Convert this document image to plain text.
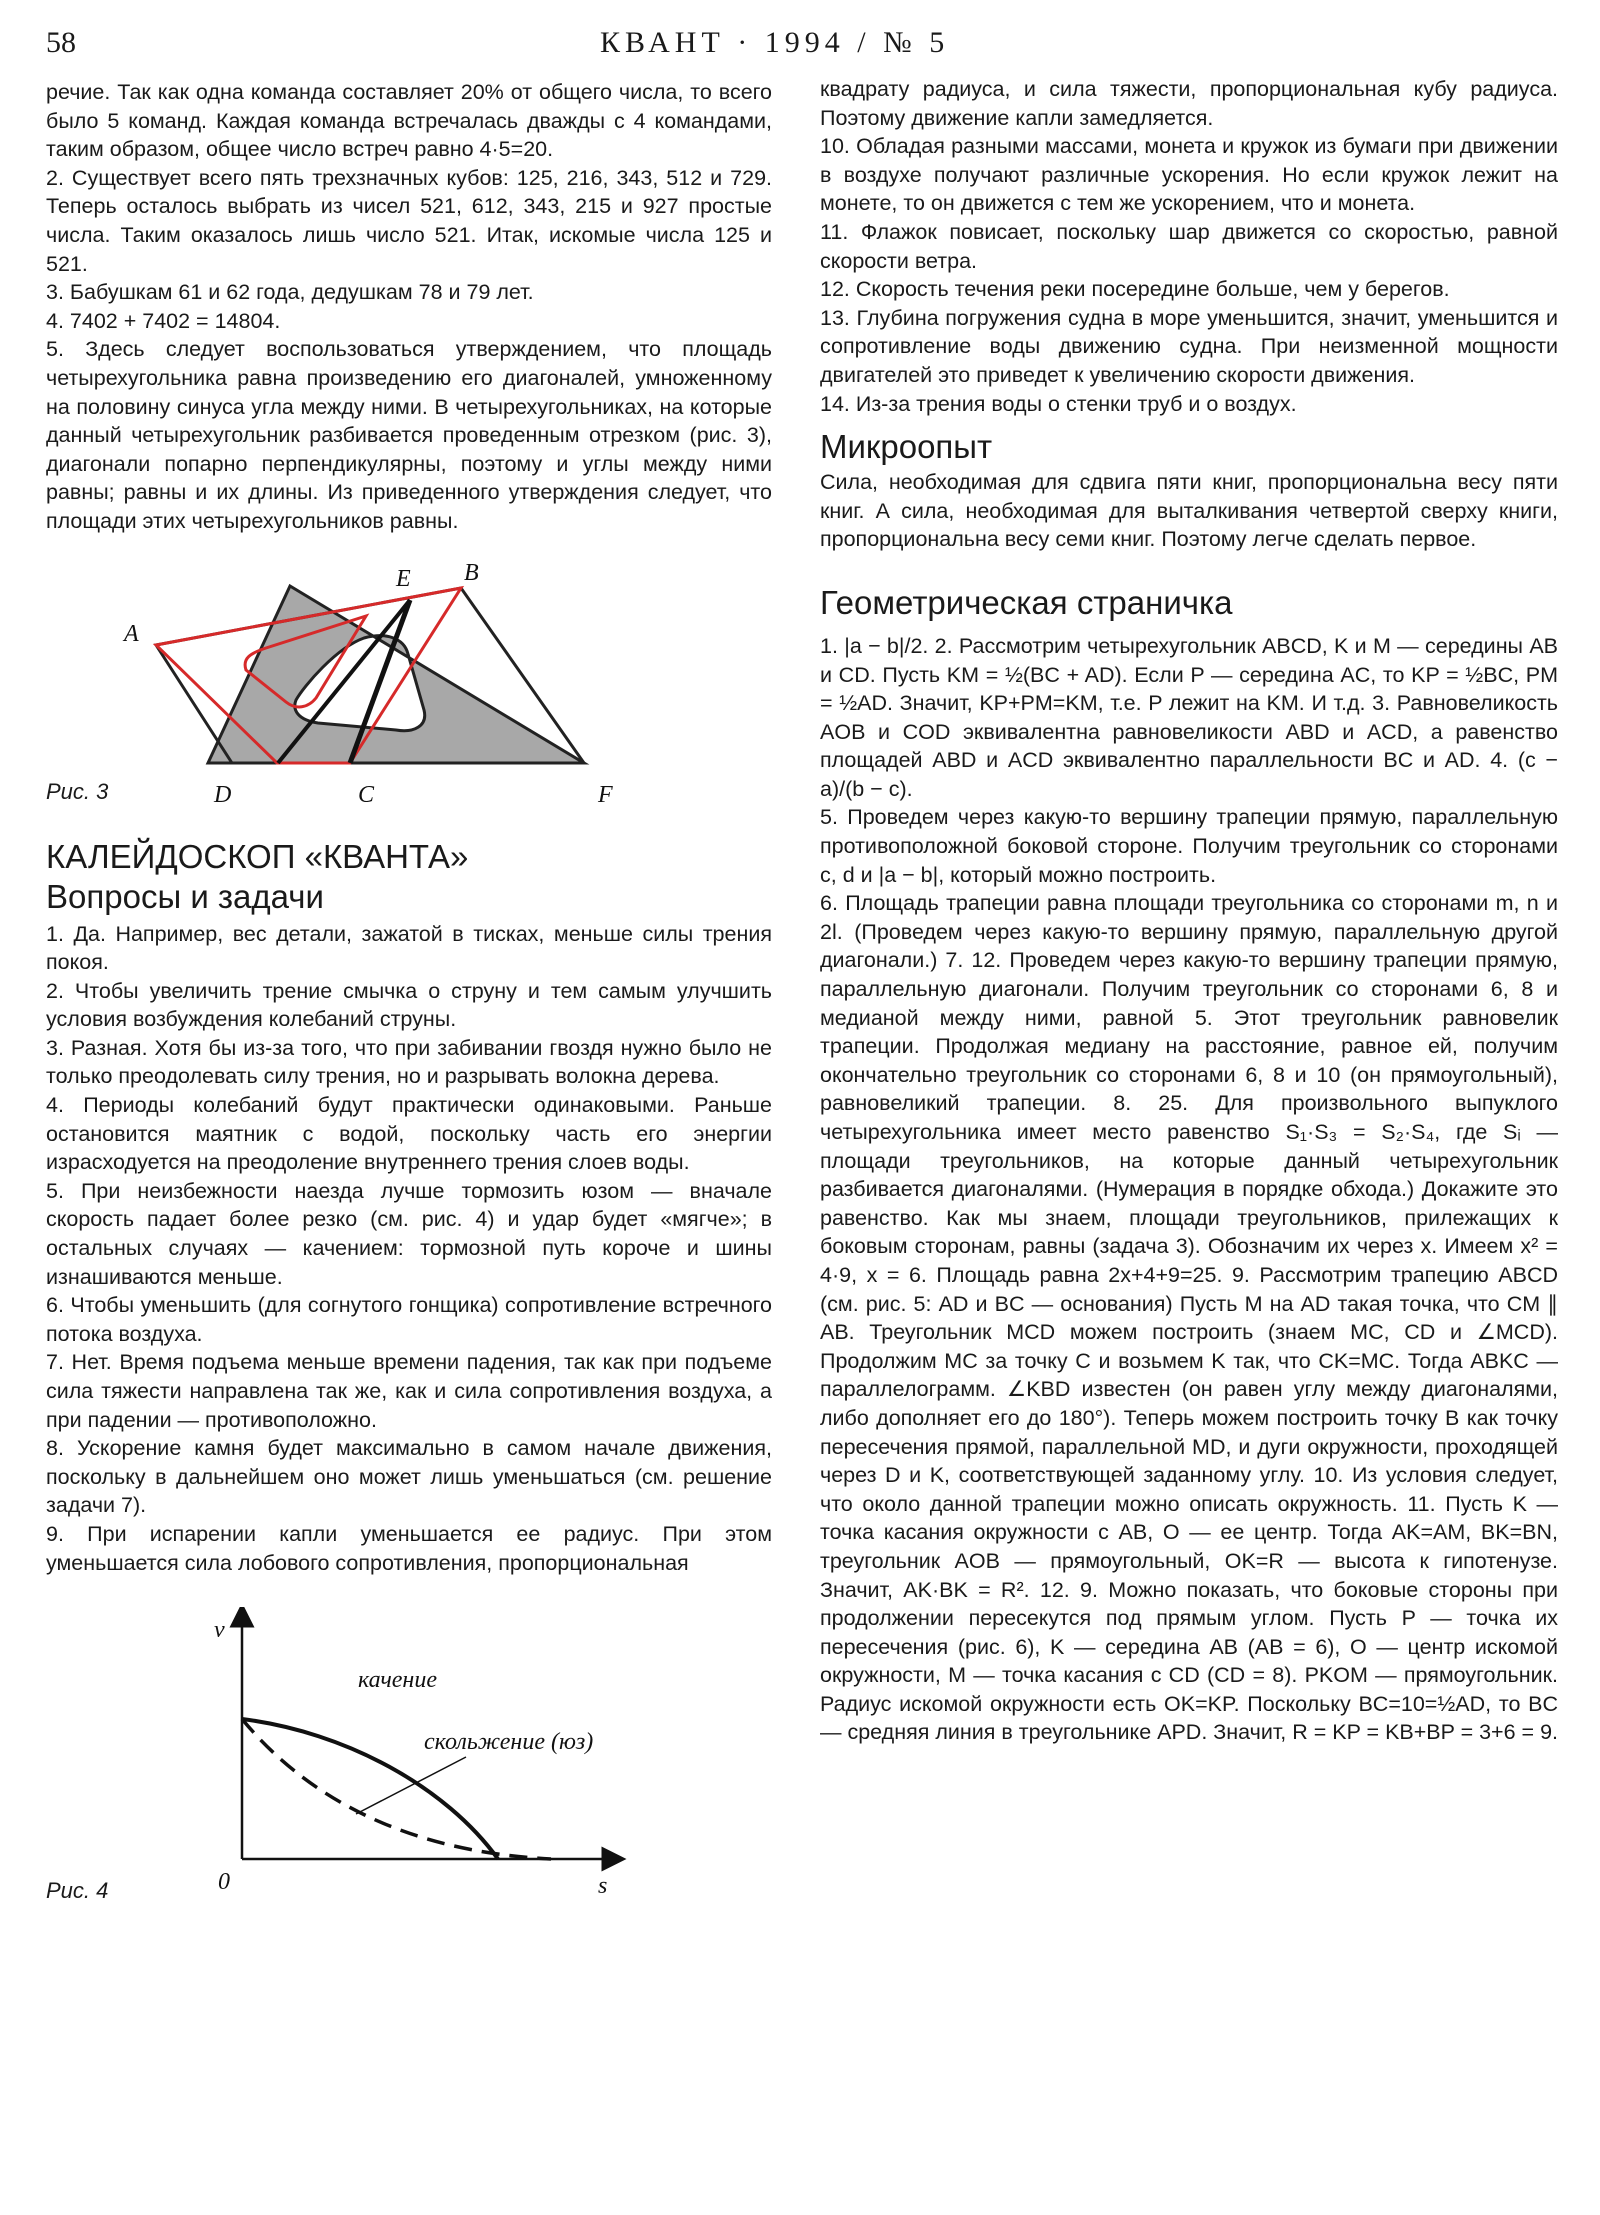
58	КВАНТ · 1994 / № 5

речие. Так как одна команда составляет 20% от общего числа, то всего было 5 команд. Каждая команда встречалась дважды с 4 командами, таким образом, общее число встреч равно 4·5=20.

2. Существует всего пять трехзначных кубов: 125, 216, 343, 512 и 729. Теперь осталось выбрать из чисел 521, 612, 343, 215 и 927 простые числа. Таким оказалось лишь число 521. Итак, искомые числа 125 и 521.

3. Бабушкам 61 и 62 года, дедушкам 78 и 79 лет.

4. 7402 + 7402 = 14804.

5. Здесь следует воспользоваться утверждением, что площадь четырехугольника равна произведению его диагоналей, умноженному на половину синуса угла между ними. В четырехугольниках, на которые данный четырехугольник разбивается проведенным отрезком (рис. 3), диагонали попарно перпендикулярны, поэтому и углы между ними равны; равны и их длины. Из приведенного утверждения следует, что площади этих четырехугольников равны.

A
B
E
D	C	F
Рис. 3
КАЛЕЙДОСКОП «КВАНТА»
Вопросы и задачи

1. Да. Например, вес детали, зажатой в тисках, меньше силы трения покоя.

2. Чтобы увеличить трение смычка о струну и тем самым улучшить условия возбуждения колебаний струны.

3. Разная. Хотя бы из-за того, что при забивании гвоздя нужно было не только преодолевать силу трения, но и разрывать волокна дерева.

4. Периоды колебаний будут практически одинаковыми. Раньше остановится маятник с водой, поскольку часть его энергии израсходуется на преодоление внутреннего трения слоев воды.

5. При неизбежности наезда лучше тормозить юзом — вначале скорость падает более резко (см. рис. 4) и удар будет «мягче»; в остальных случаях — качением: тормозной путь короче и шины изнашиваются меньше.

6. Чтобы уменьшить (для согнутого гонщика) сопротивление встречного потока воздуха.

7. Нет. Время подъема меньше времени падения, так как при подъеме сила тяжести направлена так же, как и сила сопротивления воздуха, а при падении — противоположно.

8. Ускорение камня будет максимально в самом начале движения, поскольку в дальнейшем оно может лишь уменьшаться (см. решение задачи 7).

9. При испарении капли уменьшается ее радиус. При этом уменьшается сила лобового сопротивления, пропорциональная

v
s
0
качение
скольжение (юз)
Рис. 4

квадрату радиуса, и сила тяжести, пропорциональная кубу радиуса. Поэтому движение капли замедляется.

10. Обладая разными массами, монета и кружок из бумаги при движении в воздухе получают различные ускорения. Но если кружок лежит на монете, то он движется с тем же ускорением, что и монета.

11. Флажок повисает, поскольку шар движется со скоростью, равной скорости ветра.

12. Скорость течения реки посередине больше, чем у берегов.

13. Глубина погружения судна в море уменьшится, значит, уменьшится и сопротивление воды движению судна. При неизменной мощности двигателей это приведет к увеличению скорости движения.

14. Из-за трения воды о стенки труб и о воздух.

Микроопыт

Сила, необходимая для сдвига пяти книг, пропорциональна весу пяти книг. А сила, необходимая для выталкивания четвертой сверху книги, пропорциональна весу семи книг. Поэтому легче сделать первое.

Геометрическая страничка

1. |a − b|/2. 2. Рассмотрим четырехугольник ABCD, K и M — середины AB и CD. Пусть KM = ½(BC + AD). Если P — середина AC, то KP = ½BC, PM = ½AD. Значит, KP+PM=KM, т.е. P лежит на KM. И т.д. 3. Равновеликость AOB и COD эквивалентна равновеликости ABD и ACD, а равенство площадей ABD и ACD эквивалентно параллельности BC и AD. 4. (c − a)/(b − c).

5. Проведем через какую-то вершину трапеции прямую, параллельную противоположной боковой стороне. Получим треугольник со сторонами c, d и |a − b|, который можно построить.

6. Площадь трапеции равна площади треугольника со сторонами m, n и 2l. (Проведем через какую-то вершину прямую, параллельную другой диагонали.) 7. 12. Проведем через какую-то вершину трапеции прямую, параллельную диагонали. Получим треугольник со сторонами 6, 8 и медианой между ними, равной 5. Этот треугольник равновелик трапеции. Продолжая медиану на расстояние, равное ей, получим окончательно треугольник со сторонами 6, 8 и 10 (он прямоугольный), равновеликий трапеции. 8. 25. Для произвольного выпуклого четырехугольника имеет место равенство S₁·S₃ = S₂·S₄, где Sᵢ — площади треугольников, на которые данный четырехугольник разбивается диагоналями. (Нумерация в порядке обхода.) Докажите это равенство. Как мы знаем, площади треугольников, прилежащих к боковым сторонам, равны (задача 3). Обозначим их через x. Имеем x² = 4·9, x = 6. Площадь равна 2x+4+9=25. 9. Рассмотрим трапецию ABCD (см. рис. 5: AD и BC — основания) Пусть M на AD такая точка, что CM ∥ AB. Треугольник MCD можем построить (знаем MC, CD и ∠MCD). Продолжим MC за точку C и возьмем K так, что CK=MC. Тогда ABKC — параллелограмм. ∠KBD известен (он равен углу между диагоналями, либо дополняет его до 180°). Теперь можем построить точку B как точку пересечения прямой, параллельной MD, и дуги окружности, проходящей через D и K, соответствующей заданному углу. 10. Из условия следует, что около данной трапеции можно описать окружность. 11. Пусть K — точка касания окружности с AB, O — ее центр. Тогда AK=AM, BK=BN, треугольник AOB — прямоугольный, OK=R — высота к гипотенузе. Значит, AK·BK = R². 12. 9. Можно показать, что боковые стороны при продолжении пересекутся под прямым углом. Пусть P — точка их пересечения (рис. 6), K — середина AB (AB = 6), O — центр искомой окружности, M — точка касания с CD (CD = 8). PKOM — прямоугольник. Радиус искомой окружности есть OK=KP. Поскольку BC=10=½AD, то BC — средняя линия в треугольнике APD. Значит, R = KP = KB+BP = 3+6 = 9.
